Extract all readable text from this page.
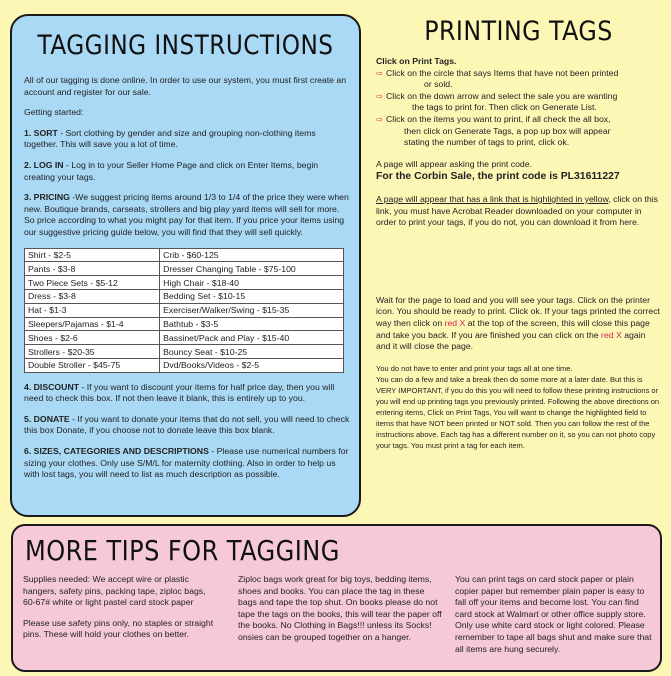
TAGGING INSTRUCTIONS

All of our tagging is done online. In order to use our system, you must first create an account and register for our sale.

Getting started:

1. SORT - Sort clothing by gender and size and grouping non-clothing items together. This will save you a lot of time.

2. LOG IN - Log in to your Seller Home Page and click on Enter Items, begin creating your tags.

3. PRICING -We suggest pricing items around 1/3 to 1/4 of the price they were when new. Boutique brands, carseats, strollers and big play yard items will sell for more. So price according to what you might pay for that item. If you price your items using our suggestive pricing guide below, you will find that they will sell quickly.

Shirt - $2-5	Crib - $60-125
Pants - $3-8	Dresser Changing Table - $75-100
Two Piece Sets - $5-12	High Chair - $18-40
Dress - $3-8	Bedding Set - $10-15
Hat - $1-3	Exerciser/Walker/Swing - $15-35
Sleepers/Pajamas - $1-4	Bathtub - $3-5
Shoes - $2-6	Bassinet/Pack and Play - $15-40
Strollers - $20-35	Bouncy Seat - $10-25
Double Stroller - $45-75	Dvd/Books/Videos - $2-5

4. DISCOUNT - If you want to discount your items for half price day, then you will need to check this box. If not then leave it blank, this is entirely up to you.

5. DONATE - If you want to donate your items that do not sell, you will need to check this box Donate, if you choose not to donate leave this box blank.

6. SIZES, CATEGORIES AND DESCRIPTIONS - Please use numerical numbers for sizing your clothes. Only use S/M/L for maternity clothing. Also in order to help us with lost tags, you will need to list as much description as possible.

PRINTING TAGS
Click on Print Tags.
⇨ Click on the circle that says Items that have not been printed
or sold.
⇨ Click on the down arrow and select the sale you are wanting
the tags to print for. Then click on Generate List.
⇨ Click on the items you want to print, if all check the all box,
then click on Generate Tags, a pop up box will appear
stating the number of tags to print, click ok.
A page will appear asking the print code.
For the Corbin Sale, the print code is PL31611227
A page will appear that has a link that is highlighted in yellow, click on this link, you must have Acrobat Reader downloaded on your computer in order to print your tags, if you do not, you can download it from here.
Wait for the page to load and you will see your tags. Click on the printer icon. You should be ready to print. Click ok. If your tags printed the correct way then click on red X at the top of the screen, this will close this page and take you back. If you are finished you can click on the red X again and it will close the page.
You do not have to enter and print your tags all at one time.
You can do a few and take a break then do some more at a later date. But this is VERY IMPORTANT, if you do this you will need to follow these printing instructions or you will end up printing tags you previously printed. Following the above directions on entering items, Click on Print Tags, You will want to change the highlighted field to items that have NOT been printed or NOT sold. Then you can follow the rest of the instructions above. Each tag has a different number on it, so you can not photo copy your tags. You must print a tag for each item.
MORE TIPS FOR TAGGING

Supplies needed: We accept wire or plastic hangers, safety pins, packing tape, ziploc bags, 60-67# white or light pastel card stock paper

Please use safety pins only, no staples or straight pins. These will hold your clothes on better.

Ziploc bags work great for big toys, bedding items, shoes and books. You can place the tag in these bags and tape the top shut. On books please do not tape the tags on the books, this will tear the paper off the books. No Clothing in Bags!!! unless its Socks! onsies can be grouped together on a hanger.

You can print tags on card stock paper or plain copier paper but remember plain paper is easy to fall off your items and become lost. You can find card stock at Walmart or other office supply store. Only use white card stock or light colored. Please remember to tape all bags shut and make sure that all items are hung securely.
